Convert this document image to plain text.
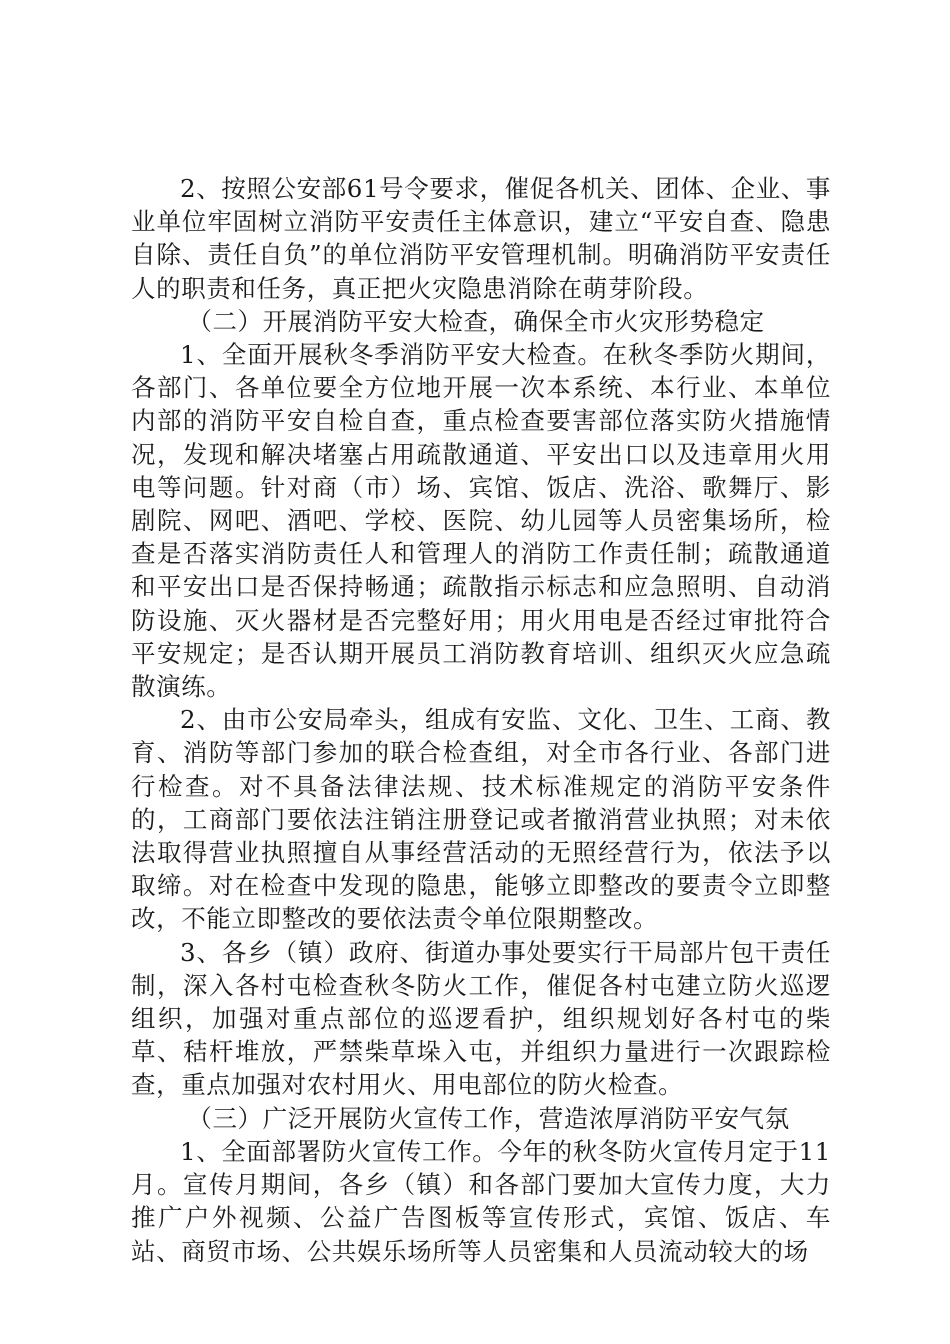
2、按照公安部61号令要求，催促各机关、团体、企业、事业单位牢固树立消防平安责任主体意识，建立“平安自查、隐患自除、责任自负”的单位消防平安管理机制。明确消防平安责任人的职责和任务，真正把火灾隐患消除在萌芽阶段。

（二）开展消防平安大检查，确保全市火灾形势稳定

1、全面开展秋冬季消防平安大检查。在秋冬季防火期间，各部门、各单位要全方位地开展一次本系统、本行业、本单位内部的消防平安自检自查，重点检查要害部位落实防火措施情况，发现和解决堵塞占用疏散通道、平安出口以及违章用火用电等问题。针对商（市）场、宾馆、饭店、洗浴、歌舞厅、影剧院、网吧、酒吧、学校、医院、幼儿园等人员密集场所，检查是否落实消防责任人和管理人的消防工作责任制；疏散通道和平安出口是否保持畅通；疏散指示标志和应急照明、自动消防设施、灭火器材是否完整好用；用火用电是否经过审批符合平安规定；是否认期开展员工消防教育培训、组织灭火应急疏散演练。

2、由市公安局牵头，组成有安监、文化、卫生、工商、教育、消防等部门参加的联合检查组，对全市各行业、各部门进行检查。对不具备法律法规、技术标准规定的消防平安条件的，工商部门要依法注销注册登记或者撤消营业执照；对未依法取得营业执照擅自从事经营活动的无照经营行为，依法予以取缔。对在检查中发现的隐患，能够立即整改的要责令立即整改，不能立即整改的要依法责令单位限期整改。

3、各乡（镇）政府、街道办事处要实行干局部片包干责任制，深入各村屯检查秋冬防火工作，催促各村屯建立防火巡逻组织，加强对重点部位的巡逻看护，组织规划好各村屯的柴草、秸杆堆放，严禁柴草垛入屯，并组织力量进行一次跟踪检查，重点加强对农村用火、用电部位的防火检查。

（三）广泛开展防火宣传工作，营造浓厚消防平安气氛

1、全面部署防火宣传工作。今年的秋冬防火宣传月定于11月。宣传月期间，各乡（镇）和各部门要加大宣传力度，大力推广户外视频、公益广告图板等宣传形式，宾馆、饭店、车站、商贸市场、公共娱乐场所等人员密集和人员流动较大的场
